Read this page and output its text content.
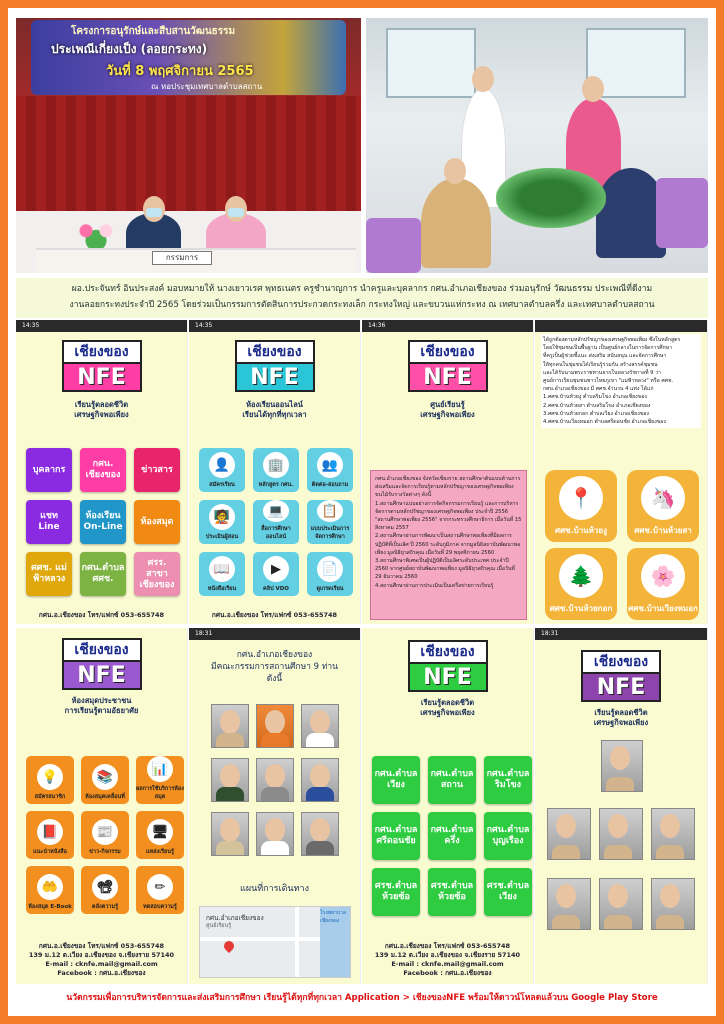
โครงการอนุรักษ์และสืบสานวัฒนธรรม
ประเพณีเกี่ยงเป็ง (ลอยกระทง)
วันที่ 8 พฤศจิกายน 2565
ณ หอประชุมเทศบาลตำบลสถาน
กรรมการ
ผอ.ประจันทร์ อินประสงค์ มอบหมายให้ นางเยาวเรศ พุทธเนตร ครูชำนาญการ นำครูและบุคลากร กศน.อำเภอเชียงของ ร่วมอนุรักษ์ วัฒนธรรม ประเพณีที่ดีงาม
งานลอยกระทงประจำปี 2565 โดยร่วมเป็นกรรมการตัดสินการประกวดกระทงเล็ก กระทงใหญ่ และขบวนแห่กระทง ณ เทศบาลตำบลครึ่ง และเทศบาลตำบลสถาน
14:35
เชียงของ
NFE
เรียนรู้ตลอดชีวิต
เศรษฐกิจพอเพียง
บุคลากร
กศน. เชียงของ
ข่าวสาร
แชท Line
ห้องเรียน On-Line
ห้องสมุด
ศศช. แม่ฟ้าหลวง
กศน.ตำบล ศศช.
ศรร. สาขาเชียงของ
กศน.อ.เชียงของ โทร/แฟกซ์ 053-655748
14:35
เชียงของ
NFE
ห้องเรียนออนไลน์
เรียนได้ทุกที่ทุกเวลา
👤
สมัครเรียน
🏢
หลักสูตร กศน.
👥
ติดต่อ-สอบถาม
🧑‍🏫
ประเมินผู้สอน
💻
สื่อการศึกษาออนไลน์
📋
แบบประเมินการจัดการศึกษา
📖
หนังสือเรียน
▶
คลิป VDO
📄
ดูเกรดเรียน
กศน.อ.เชียงของ โทร/แฟกซ์ 053-655748
14:36
เชียงของ
NFE
ศูนย์เรียนรู้
เศรษฐกิจพอเพียง

กศน.อำเภอเชียงของ จังหวัดเชียงราย สถานศึกษาต้นแบบด้านการส่งเสริมและจัดการเรียนรู้ตามหลักปรัชญาของเศรษฐกิจพอเพียง ขนไม้รับรางวัลต่างๆ ดังนี้

1.สถานศึกษาแบบอย่างการจัดกิจกรรมการเรียนรู้ และการบริหารจัดการตามหลักปรัชญาของเศรษฐกิจพอเพียง ประจำปี 2556 "สถานศึกษาพอเพียง 2556" จากกระทรวงศึกษาธิการ เมื่อวันที่ 15 สิงหาคม 2557

2.สถานศึกษาผ่านการพัฒนาเป็นสถานศึกษาพอเพียงที่มีผลการปฏิบัติที่เป็นเลิศ ปี 2560 ระดับภูมิภาค จากมูลนิธิสถาบันพัฒนาพอเพียง มูลนิธิยุวสถิรคุณ เมื่อวันที่ 29 พฤศจิกายน 2560

3.สถานศึกษาพิเศษเป็นผู้ปฏิบัติเป็นเลิศระดับประเทศ ประจำปี 2560 จากศูนย์สถาบันพัฒนาพอเพียง มูลนิธิยุวสถิรคุณ เมื่อวันที่ 29 ธันวาคม 2560

4.สถานศึกษาผ่านการประเมินเป็นเครือข่ายการเรียนรู้

ได้ถูกต้องตามหลักปรัชญาของเศรษฐกิจพอเพียง ซึ่งในหลักสูตร
โดยใช้ชุมชนเป็นพื้นฐาน เป็นศูนย์กลางในการจัดการศึกษา
ที่ครูเป็นผู้ช่วยชี้แนะ ส่งเสริม สนับสนุน และจัดการศึกษา
ให้ทุกคนในชุมชนได้เรียนรู้ร่วมกัน สร้างสรรค์ชุมชน
และได้รับนามพระราชทานจากในหลวงรัชกาลที่ 9 ว่า
ศูนย์การเรียนชุมชนชาวไทยภูเขา "แม่ฟ้าหลวง" หรือ ศศช.
กศน.อำเภอเชียงของ มี ศศช.จำนวน 4 แห่ง ได้แก่
1.ศศช.บ้านห้วยงู ตำบลริมโขง อำเภอเชียงของ
2.ศศช.บ้านห้วยสา ตำบลริมโขง อำเภอเชียงของ
3.ศศช.บ้านห้วยกอก ตำบลเวียง อำเภอเชียงของ
4.ศศช.บ้านเวียงหมอก ตำบลศรีดอนชัย อำเภอเชียงของ
📍
ศศช.บ้านห้วยงู
🦄
ศศช.บ้านห้วยสา
🌲
ศศช.บ้านห้วยกอก
🌸
ศศช.บ้านเวียงหมอก
เชียงของ
NFE
ห้องสมุดประชาชน
การเรียนรู้ตามอัธยาศัย
💡
สมัครสมาชิก
📚
ห้องสมุดเคลื่อนที่
📊
ผลการใช้บริการห้องสมุด
📕
แนะนำหนังสือ
📰
ข่าว-กิจกรรม
🖥
แหล่งเรียนรู้
🤲
ห้องสมุด E-Book
📽
คลังความรู้
✏
ทดสอบความรู้
กศน.อ.เชียงของ โทร/แฟกซ์ 053-655748
139 ม.12 ต.เวียง อ.เชียงของ จ.เชียงราย 57140
E-mail : cknfe.mail@gmail.com
Facebook : กศน.อ.เชียงของ
18:31
กศน.อำเภอเชียงของ
มีคณะกรรมการสถานศึกษา 9 ท่าน
ดังนี้
แผนที่การเดินทาง
กศน.อำเภอเชียงของ
ศูนย์เรียนรู้
โรงพยาบาลเชียงของ
เชียงของ
NFE
เรียนรู้ตลอดชีวิต
เศรษฐกิจพอเพียง
กศน.ตำบล เวียง
กศน.ตำบล สถาน
กศน.ตำบล ริมโขง
กศน.ตำบล ศรีดอนชัย
กศน.ตำบล ครึ่ง
กศน.ตำบล บุญเรือง
ศรช.ตำบล ห้วยซ้อ
ศรช.ตำบล ห้วยซ้อ
ศรช.ตำบล เวียง
กศน.อ.เชียงของ โทร/แฟกซ์ 053-655748
139 ม.12 ต.เวียง อ.เชียงของ จ.เชียงราย 57140
E-mail : cknfe.mail@gmail.com
Facebook : กศน.อ.เชียงของ
18:31
เชียงของ
NFE
เรียนรู้ตลอดชีวิต
เศรษฐกิจพอเพียง
นวัตกรรมเพื่อการบริหารจัดการและส่งเสริมการศึกษา เรียนรู้ได้ทุกที่ทุกเวลา Application > เชียงของNFE พร้อมให้ดาวน์โหลดแล้วบน Google Play Store
